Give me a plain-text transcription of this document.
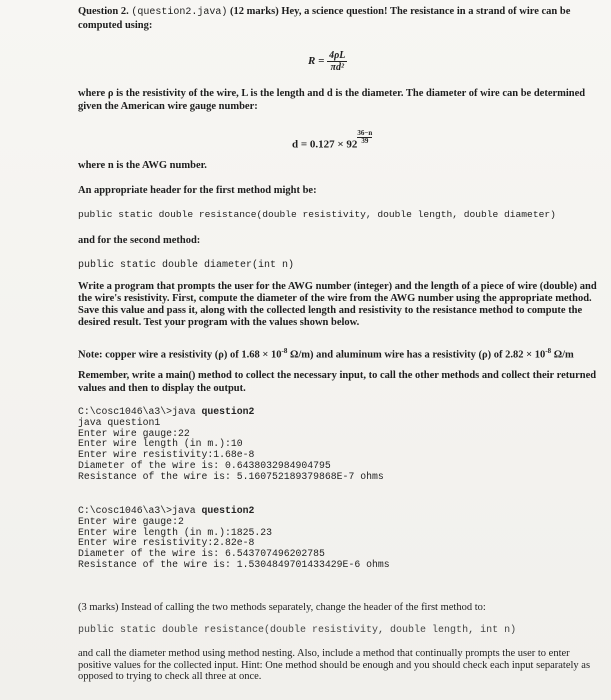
Question 2. (question2.java) (12 marks) Hey, a science question! The resistance in a strand of wire can be computed using:
$R = \frac{4\rho L}{\text{πd²}}$
where ρ is the resistivity of the wire, L is the length and d is the diameter. The diameter of wire can be determined given the American wire gauge number:
$d = 0.127 \times 92 \frac{36-n}{39}$
where n is the AWG number.
An appropriate header for the first method might be:
public static double resistance(double resistivity, double length, double diameter)
and for the second method:
public static double diameter(int n)
Write a program that prompts the user for the AWG number (integer) and the length of a piece of wire (double) and the wire's resistivity. First, compute the diameter of the wire from the AWG number using the appropriate method. Save this value and pass it, along with the collected length and resistivity to the resistance method to compute the desired result. Test your program with the values shown below.
Note: copper wire a resistivity (ρ) of $1.68 \times 10^{-8}$ Ω/m) and aluminum wire has a resistivity (ρ) of $2.82 \times 10^{-8}$ Ω/m
Remember, write a main() method to collect the necessary input, to call the other methods and collect their returned values and then to display the output.
C:\cosc1046\a3\>java question2
java question1
Enter wire gauge:22
Enter wire length (in m.):10
Enter wire resistivity:1.68e-8
Diameter of the wire is: 0.6438032984904795
Resistance of the wire is: 5.160752189379868E-7 ohms
C:\cosc1046\a3\>java question2
Enter wire gauge:2
Enter wire length (in m.):1825.23
Enter wire resistivity:2.82e-8
Diameter of the wire is: 6.543707496202785
Resistance of the wire is: 1.5304849701433429E-6 ohms
(3 marks) Instead of calling the two methods separately, change the header of the first method to:
public static double resistance(double resistivity, double length, int n)
and call the diameter method using method nesting. Also, include a method that continually prompts the user to enter positive values for the collected input. Hint: One method should be enough and you should check each input separately as opposed to trying to check all three at once.
